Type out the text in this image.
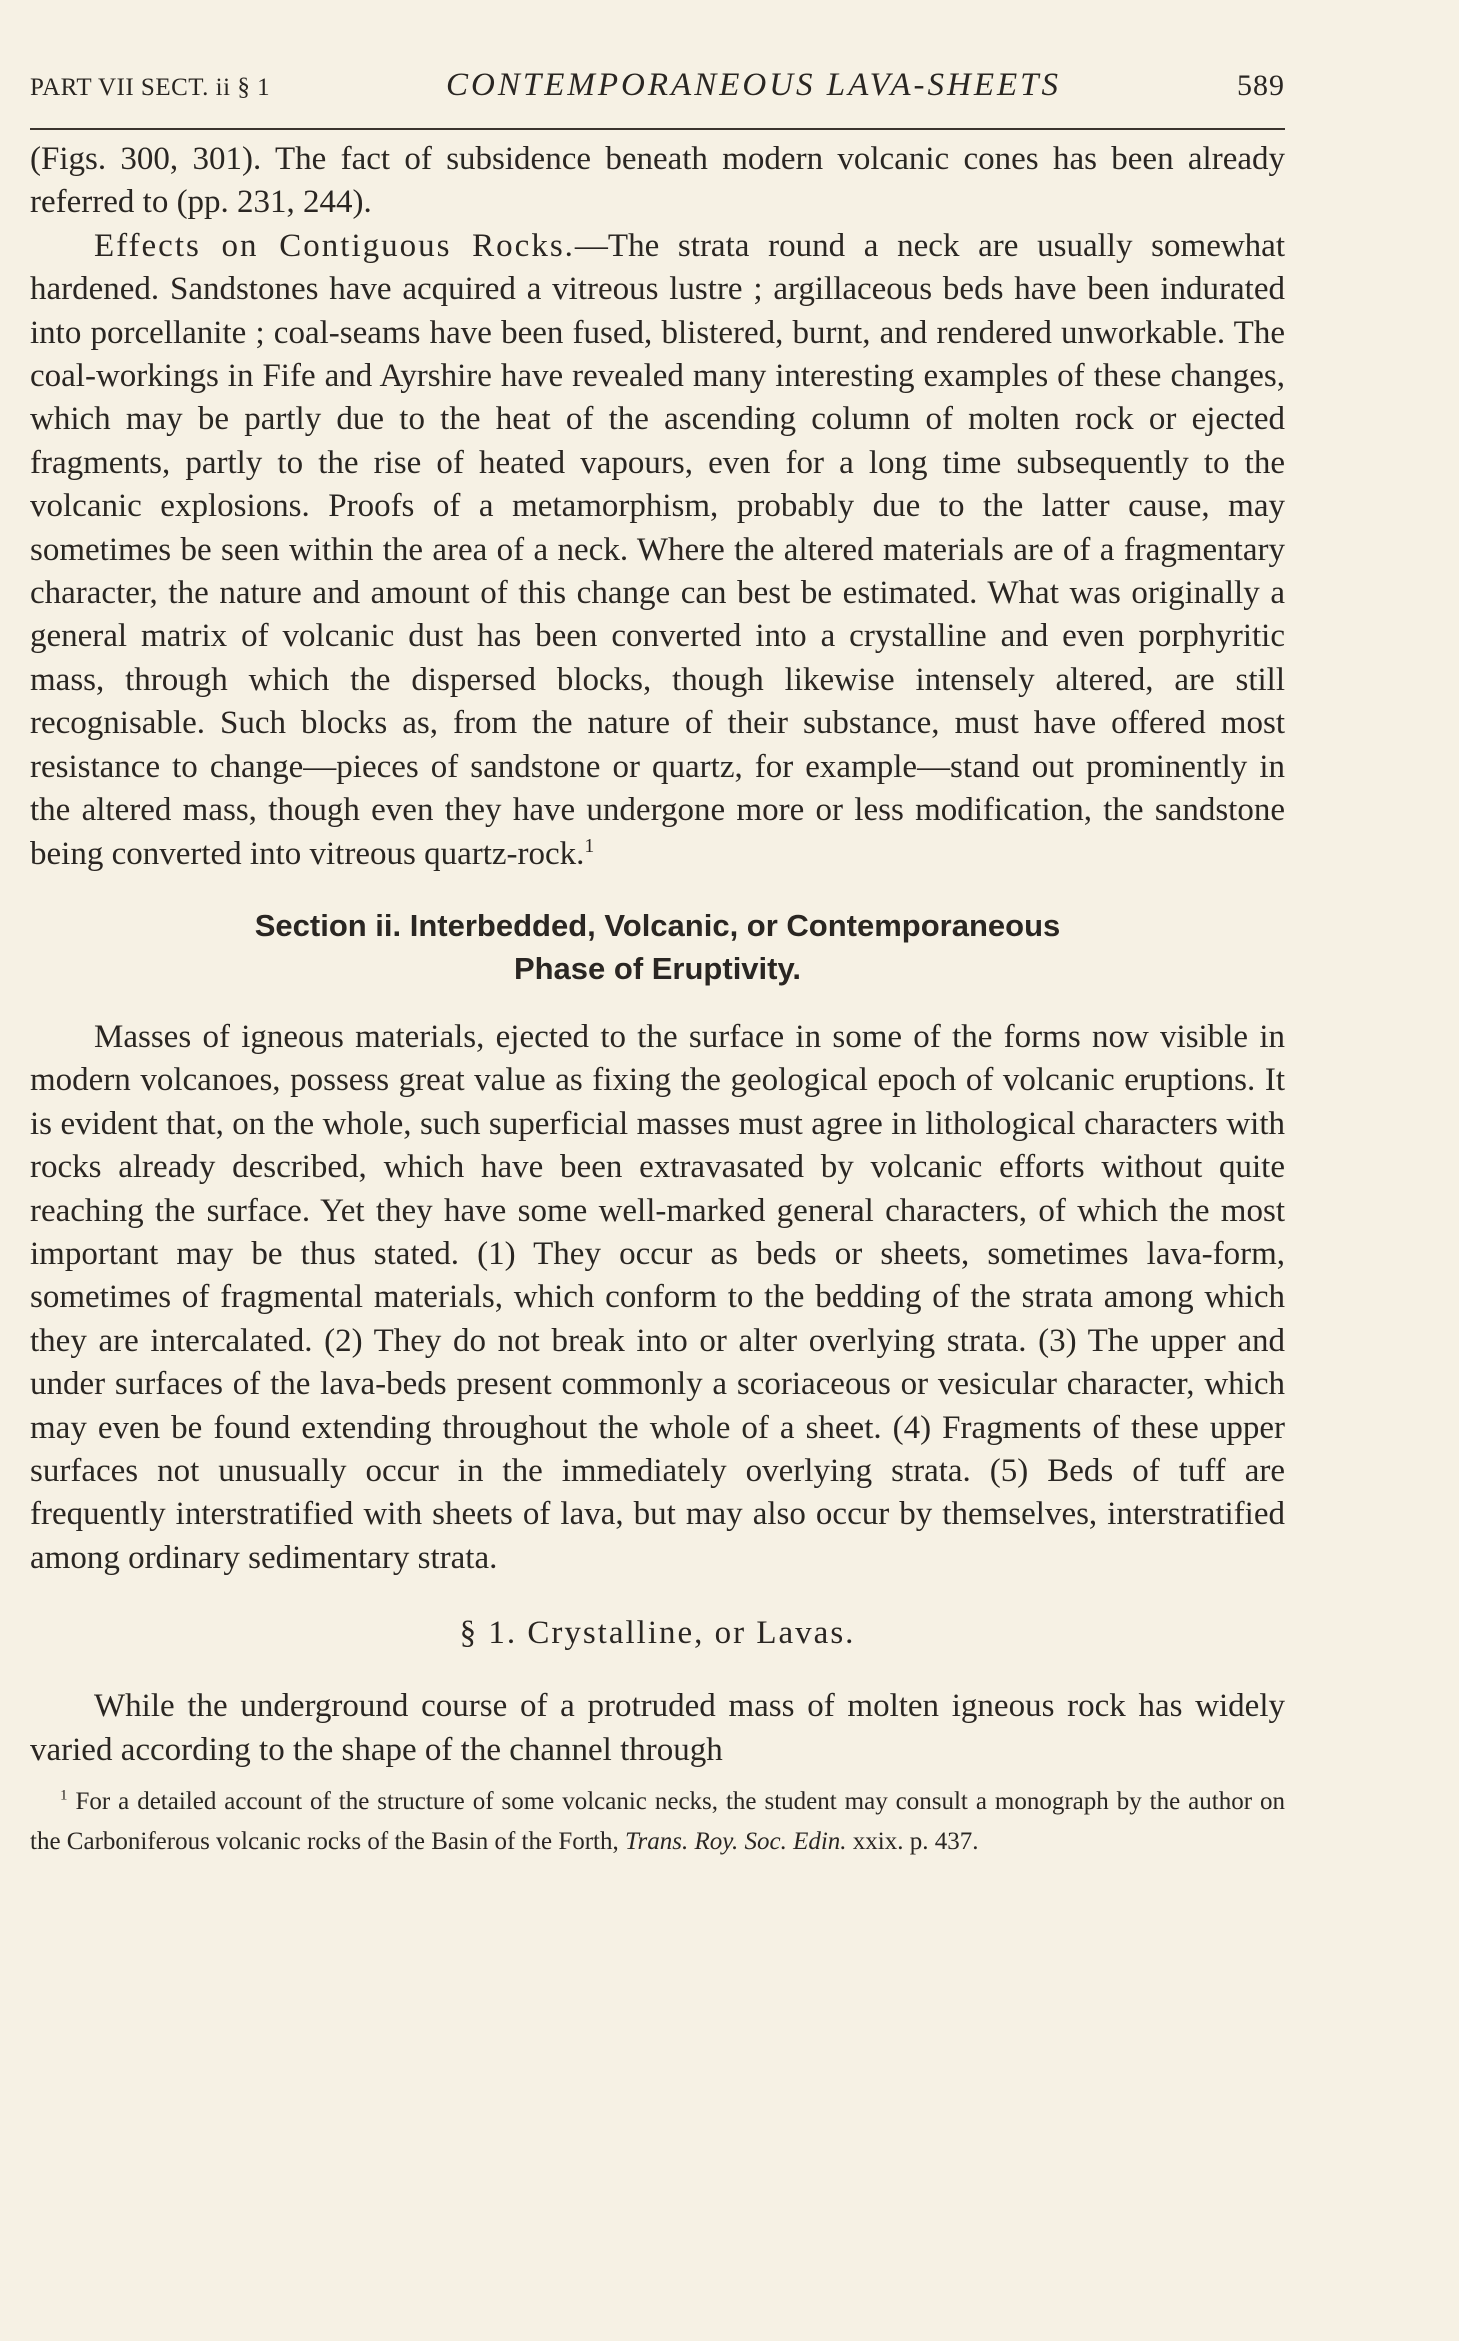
PART VII SECT. ii § 1	CONTEMPORANEOUS LAVA-SHEETS	589

(Figs. 300, 301). The fact of subsidence beneath modern volcanic cones has been already referred to (pp. 231, 244).

Effects on Contiguous Rocks.—The strata round a neck are usually somewhat hardened. Sandstones have acquired a vitreous lustre ; argillaceous beds have been indurated into porcellanite ; coal-seams have been fused, blistered, burnt, and rendered unworkable. The coal-workings in Fife and Ayrshire have revealed many interesting examples of these changes, which may be partly due to the heat of the ascending column of molten rock or ejected fragments, partly to the rise of heated vapours, even for a long time subsequently to the volcanic explosions. Proofs of a metamorphism, probably due to the latter cause, may sometimes be seen within the area of a neck. Where the altered materials are of a fragmentary character, the nature and amount of this change can best be estimated. What was originally a general matrix of volcanic dust has been converted into a crystalline and even porphyritic mass, through which the dispersed blocks, though likewise intensely altered, are still recognisable. Such blocks as, from the nature of their substance, must have offered most resistance to change—pieces of sandstone or quartz, for example—stand out prominently in the altered mass, though even they have undergone more or less modification, the sandstone being converted into vitreous quartz-rock.$^1$

Section ii. Interbedded, Volcanic, or Contemporaneous
Phase of Eruptivity.

Masses of igneous materials, ejected to the surface in some of the forms now visible in modern volcanoes, possess great value as fixing the geological epoch of volcanic eruptions. It is evident that, on the whole, such superficial masses must agree in lithological characters with rocks already described, which have been extravasated by volcanic efforts without quite reaching the surface. Yet they have some well-marked general characters, of which the most important may be thus stated. (1) They occur as beds or sheets, sometimes lava-form, sometimes of fragmental materials, which conform to the bedding of the strata among which they are intercalated. (2) They do not break into or alter overlying strata. (3) The upper and under surfaces of the lava-beds present commonly a scoriaceous or vesicular character, which may even be found extending throughout the whole of a sheet. (4) Fragments of these upper surfaces not unusually occur in the immediately overlying strata. (5) Beds of tuff are frequently interstratified with sheets of lava, but may also occur by themselves, interstratified among ordinary sedimentary strata.

§ 1. Crystalline, or Lavas.

While the underground course of a protruded mass of molten igneous rock has widely varied according to the shape of the channel through

$^1$ For a detailed account of the structure of some volcanic necks, the student may consult a monograph by the author on the Carboniferous volcanic rocks of the Basin of the Forth, Trans. Roy. Soc. Edin. xxix. p. 437.
